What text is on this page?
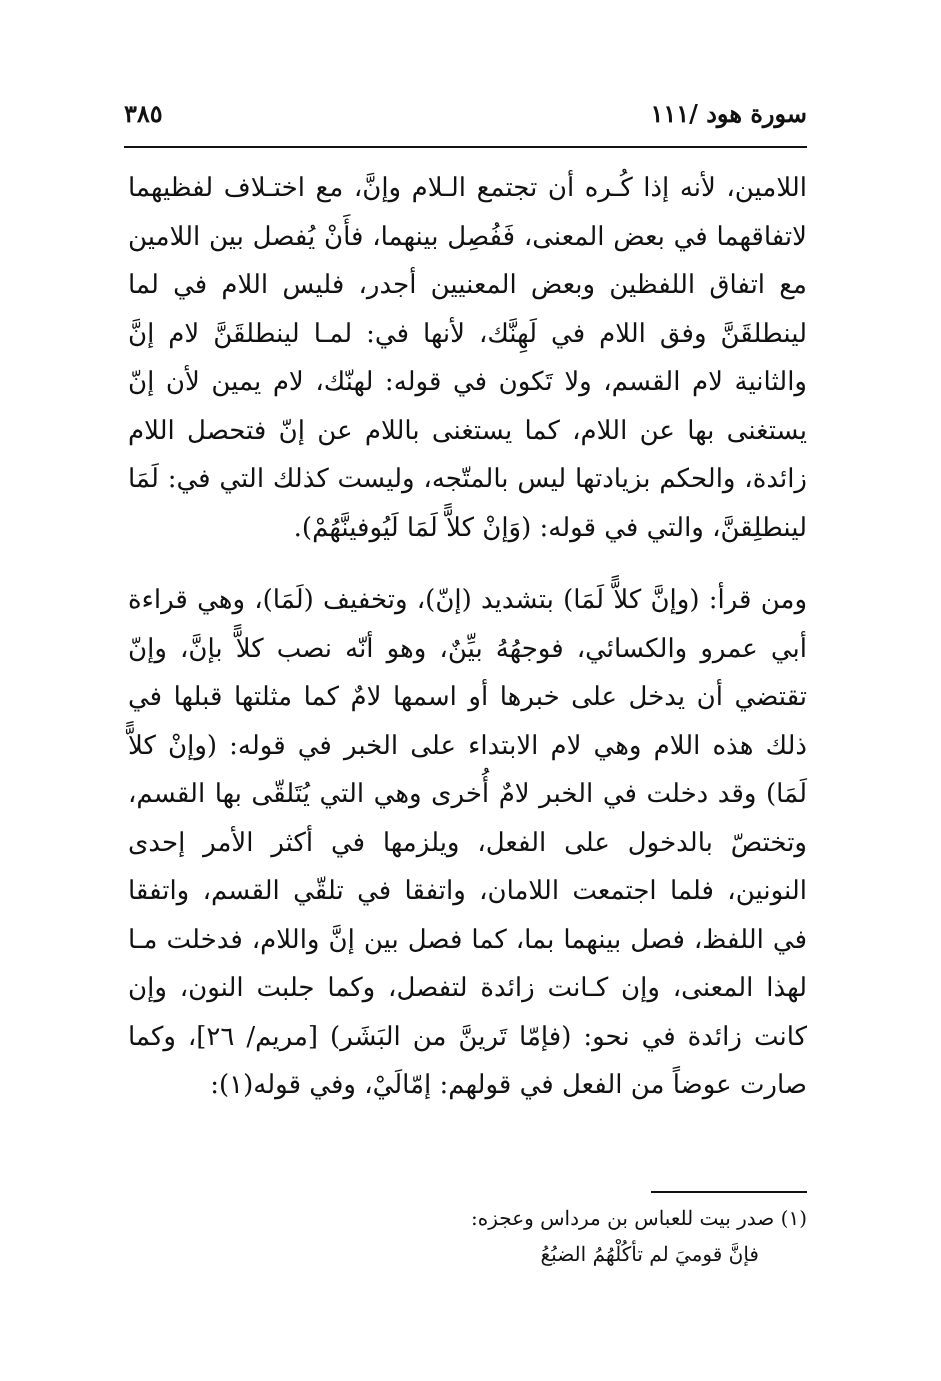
سورة هود /١١١
٣٨٥

اللامين، لأنه إذا كُـره أن تجتمع الـلام وإنَّ، مع اختـلاف لفظيهما لاتفاقهما في بعض المعنى، فَفُصِل بينهما، فأَنْ يُفصل بين اللامين مع اتفاق اللفظين وبعض المعنيين أجدر، فليس اللام في لما لينطلقَنَّ وفق اللام في لَهِنَّك، لأنها في: لمـا لينطلقَنَّ لام إنَّ والثانية لام القسم، ولا تَكون في قوله: لهنّك، لام يمين لأن إنّ يستغنى بها عن اللام، كما يستغنى باللام عن إنّ فتحصل اللام زائدة، والحكم بزيادتها ليس بالمتّجه، وليست كذلك التي في: لَمَا لينطلِقنَّ، والتي في قوله: (وَإنْ كلاًّ لَمَا لَيُوفينَّهُمْ).

ومن قرأ: (وإنَّ كلاًّ لَمَا) بتشديد (إنّ)، وتخفيف (لَمَا)، وهي قراءة أبي عمرو والكسائي، فوجهُهُ بيِّنٌ، وهو أنّه نصب كلاًّ بإنَّ، وإنّ تقتضي أن يدخل على خبرها أو اسمها لامٌ كما مثلتها قبلها في ذلك هذه اللام وهي لام الابتداء على الخبر في قوله: (وإنْ كلاًّ لَمَا) وقد دخلت في الخبر لامٌ أُخرى وهي التي يُتَلقّى بها القسم، وتختصّ بالدخول على الفعل، ويلزمها في أكثر الأمر إحدى النونين، فلما اجتمعت اللامان، واتفقا في تلقّي القسم، واتفقا في اللفظ، فصل بينهما بما، كما فصل بين إنَّ واللام، فدخلت مـا لهذا المعنى، وإن كـانت زائدة لتفصل، وكما جلبت النون، وإن كانت زائدة في نحو: (فإمّا تَرينَّ من البَشَر) [مريم/ ٢٦]، وكما صارت عوضاً من الفعل في قولهم: إمّالَيْ، وفي قوله(١):

(١) صدر بيت للعباس بن مرداس وعجزه:

فإنَّ قوميَ لم تأكُلْهُمُ الضبُعُ
